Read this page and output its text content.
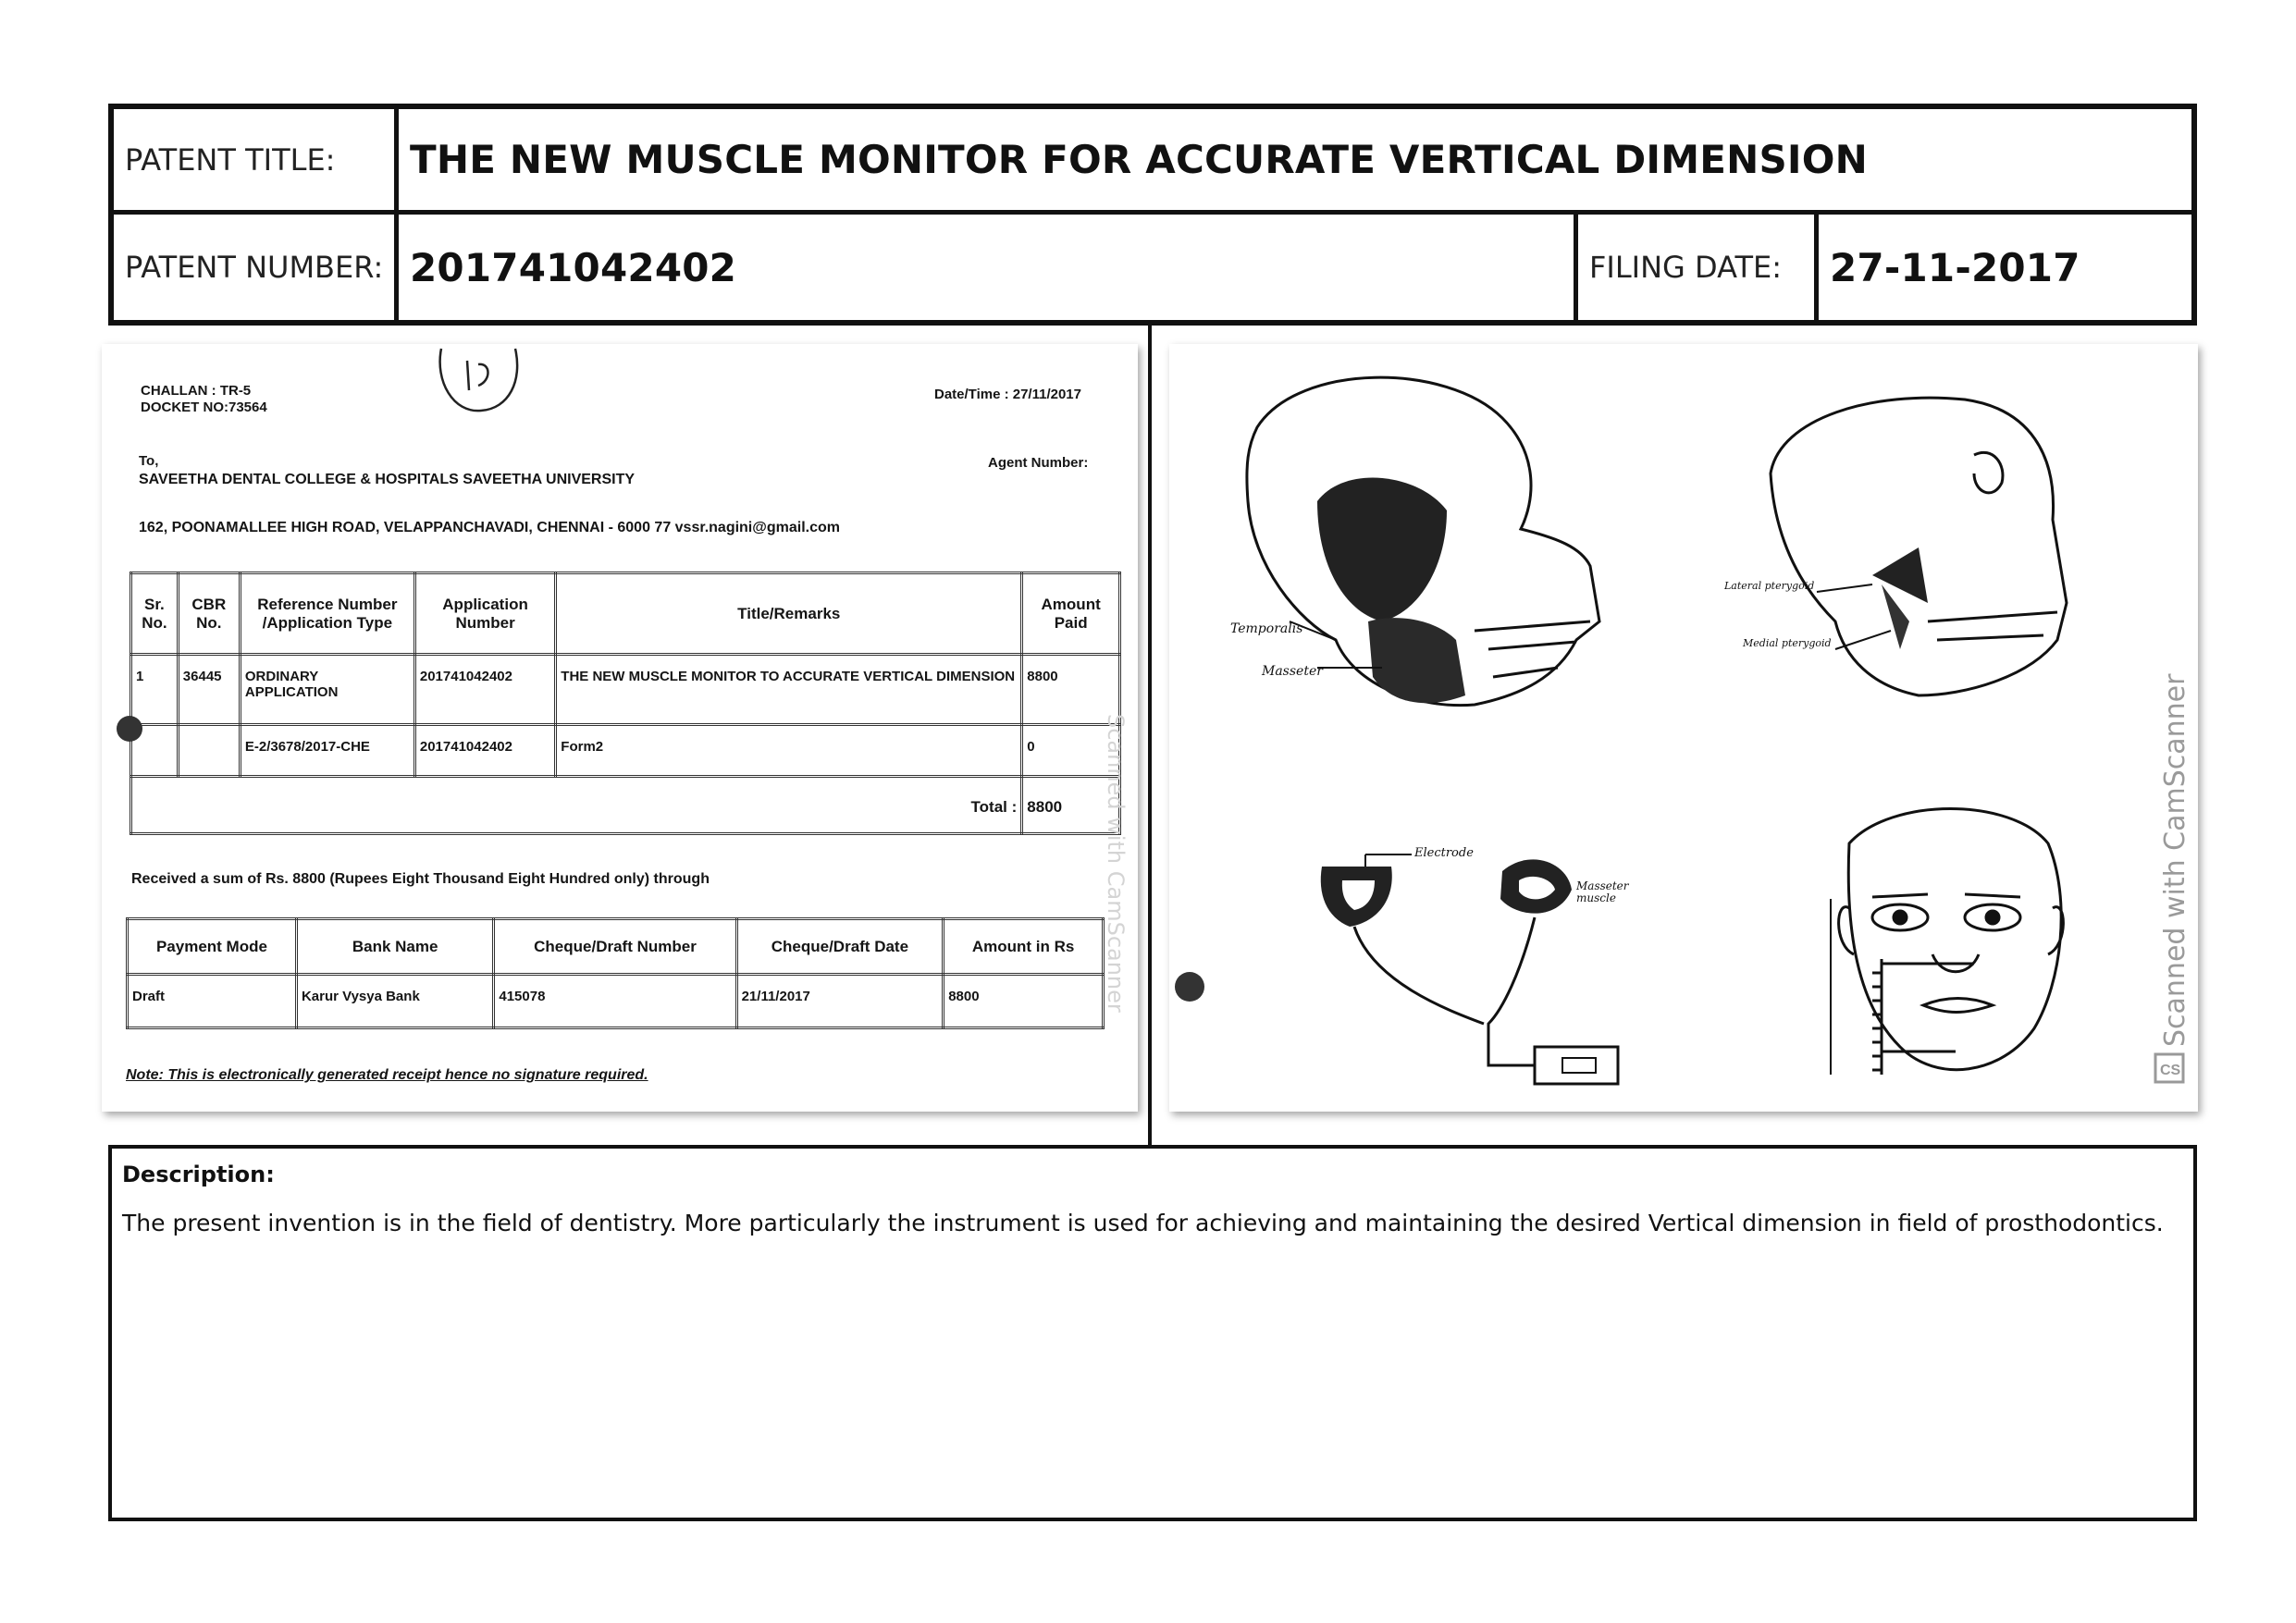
PATENT TITLE: THE NEW MUSCLE MONITOR FOR ACCURATE VERTICAL DIMENSION
PATENT NUMBER: 201741042402	FILING DATE: 27-11-2017
CHALLAN : TR-5
DOCKET NO:73564
Date/Time : 27/11/2017
To,	Agent Number:
SAVEETHA DENTAL COLLEGE & HOSPITALS SAVEETHA UNIVERSITY
162, POONAMALLEE HIGH ROAD, VELAPPANCHAVADI, CHENNAI - 6000 77 vssr.nagini@gmail.com
Sr. No.	CBR No.	Reference Number /Application Type	Application Number	Title/Remarks	Amount Paid
1	36445	ORDINARY APPLICATION	201741042402	THE NEW MUSCLE MONITOR TO ACCURATE VERTICAL DIMENSION	8800
		E-2/3678/2017-CHE	201741042402	Form2	0
Total :					8800
Received a sum of Rs. 8800 (Rupees Eight Thousand Eight Hundred only) through
Payment Mode	Bank Name	Cheque/Draft Number	Cheque/Draft Date	Amount in Rs
Draft	Karur Vysya Bank	415078	21/11/2017	8800
Note: This is electronically generated receipt hence no signature required.
Scanned with CamScanner
CS
Temporalis
Masseter
Lateral pterygoid
Medial pterygoid
Electrode
Masseter muscle	Scanned with CamScanner
Description:
The present invention is in the field of dentistry. More particularly the instrument is used for achieving and maintaining the desired Vertical dimension in field of prosthodontics.
